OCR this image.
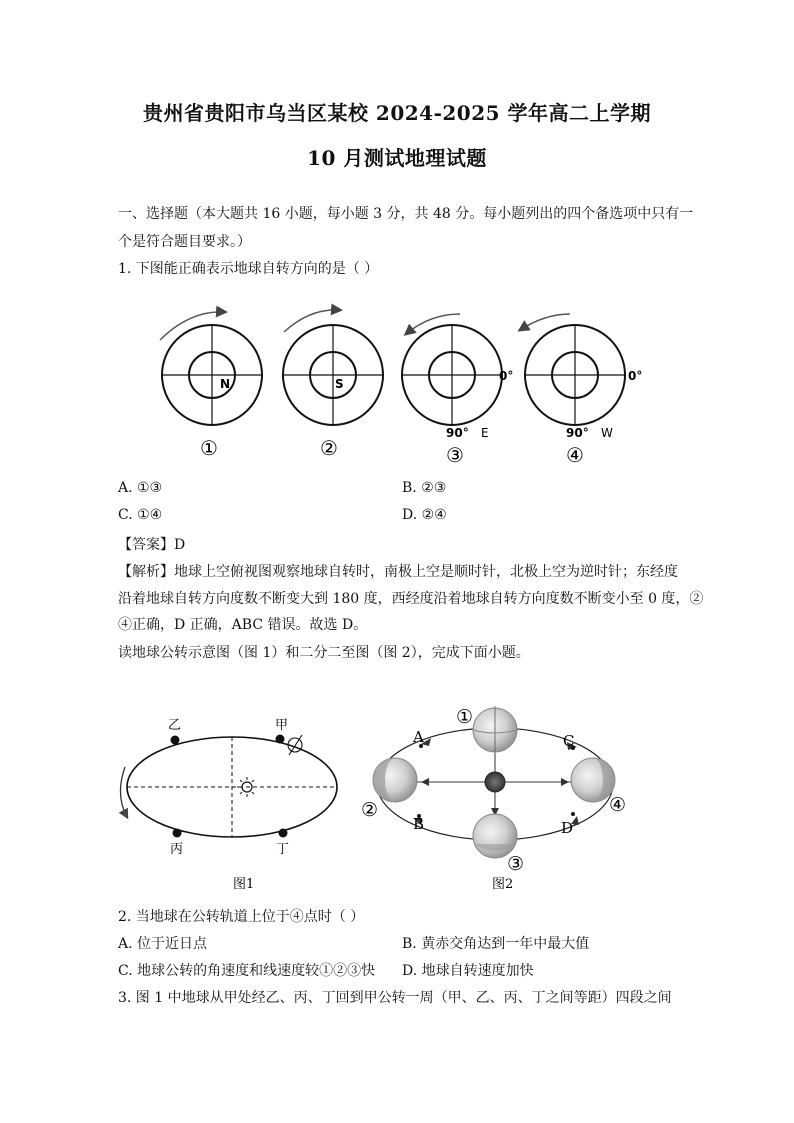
贵州省贵阳市乌当区某校 2024-2025 学年高二上学期
10 月测试地理试题
一、选择题（本大题共 16 小题，每小题 3 分，共 48 分。每小题列出的四个备选项中只有一
个是符合题目要求。）
1. 下图能正确表示地球自转方向的是（ ）
N	S
0°
90° E
0°
90° W
①	②	③	④
A. ①③	B. ②③
C. ①④	D. ②④
【答案】D
【解析】地球上空俯视图观察地球自转时，南极上空是顺时针，北极上空为逆时针；东经度
沿着地球自转方向度数不断变大到 180 度，西经度沿着地球自转方向度数不断变小至 0 度，②
④正确，D 正确，ABC 错误。故选 D。
读地球公转示意图（图 1）和二分二至图（图 2），完成下面小题。
乙	甲
丙	丁
图1
A	C
B	D
①
②
③
④
图2
2. 当地球在公转轨道上位于④点时（ ）
A. 位于近日点	B. 黄赤交角达到一年中最大值
C. 地球公转的角速度和线速度较①②③快 D. 地球自转速度加快
3. 图 1 中地球从甲处经乙、丙、丁回到甲公转一周（甲、乙、丙、丁之间等距）四段之间
